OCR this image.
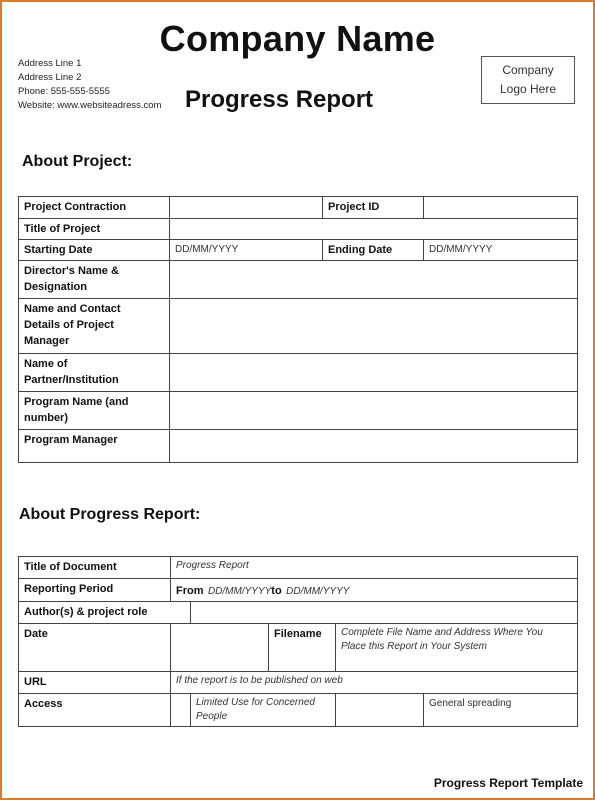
Company Name
Address Line 1
Address Line 2
Phone: 555-555-5555
Website: www.websiteadress.com Progress Report
Company
Logo Here
About Project:
Project Contraction		Project ID	
Title of Project			
Starting Date	DD/MM/YYYY	Ending Date	DD/MM/YYYY

Director's Name &
Designation			

Name and Contact
Details of Project
Manager			

Name of
Partner/Institution			

Program Name (and
number)			

Program Manager			
About Progress Report:
Title of Document	Progress Report				
Reporting Period	From DD/MM/YYYYto DD/MM/YYYY				
Author(s) & project role					
Date			Filename	Complete File Name and Address Where You
Place this Report in Your System	

URL	If the report is to be published on web				
Access		Limited Use for Concerned People			General spreading
Progress Report Template
